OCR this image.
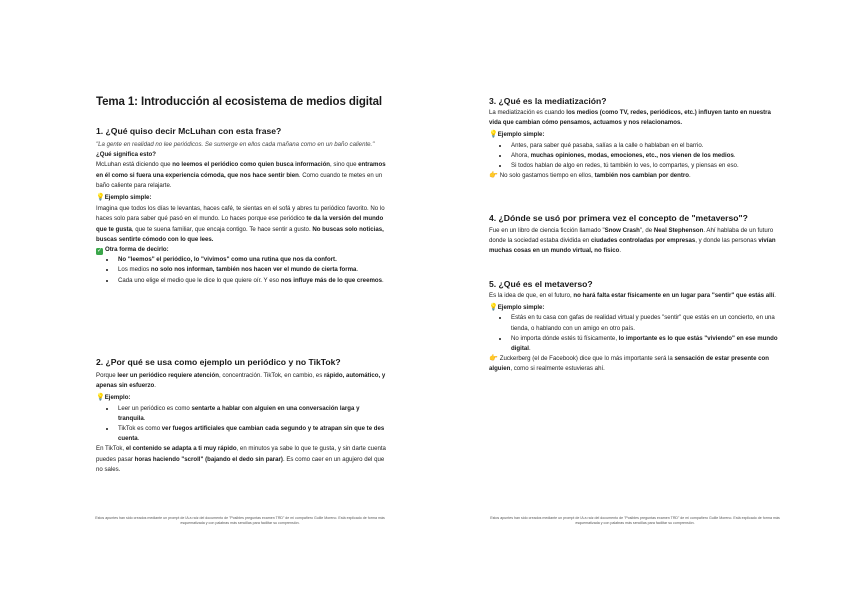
Tema 1: Introducción al ecosistema de medios digital
1. ¿Qué quiso decir McLuhan con esta frase?

"La gente en realidad no lee periódicos. Se sumerge en ellos cada mañana como en un baño caliente."

¿Qué significa esto?

McLuhan está diciendo que no leemos el periódico como quien busca información, sino que entramos en él como si fuera una experiencia cómoda, que nos hace sentir bien. Como cuando te metes en un baño caliente para relajarte.

💡Ejemplo simple:

Imagina que todos los días te levantas, haces café, te sientas en el sofá y abres tu periódico favorito. No lo haces solo para saber qué pasó en el mundo. Lo haces porque ese periódico te da la versión del mundo que te gusta, que te suena familiar, que encaja contigo. Te hace sentir a gusto. No buscas solo noticias, buscas sentirte cómodo con lo que lees.

✓ Otra forma de decirlo:

• No "leemos" el periódico, lo "vivimos" como una rutina que nos da confort.
• Los medios no solo nos informan, también nos hacen ver el mundo de cierta forma.
• Cada uno elige el medio que le dice lo que quiere oír. Y eso nos influye más de lo que creemos.
2. ¿Por qué se usa como ejemplo un periódico y no TikTok?

Porque leer un periódico requiere atención, concentración. TikTok, en cambio, es rápido, automático, y apenas sin esfuerzo.

💡Ejemplo:

• Leer un periódico es como sentarte a hablar con alguien en una conversación larga y tranquila.
• TikTok es como ver fuegos artificiales que cambian cada segundo y te atrapan sin que te des cuenta.

En TikTok, el contenido se adapta a ti muy rápido, en minutos ya sabe lo que te gusta, y sin darte cuenta puedes pasar horas haciendo "scroll" (bajando el dedo sin parar). Es como caer en un agujero del que no sales.

Estos apuntes han sido creados mediante un prompt de IA a raíz del documento de "Posibles preguntas examen TRD" de mi compañero Guille Moreno. Está explicado de forma más esquematizada y con palabras más sencillas para facilitar su comprensión.
3. ¿Qué es la mediatización?

La mediatización es cuando los medios (como TV, redes, periódicos, etc.) influyen tanto en nuestra vida que cambian cómo pensamos, actuamos y nos relacionamos.

💡Ejemplo simple:

• Antes, para saber qué pasaba, salías a la calle o hablaban en el barrio.
• Ahora, muchas opiniones, modas, emociones, etc., nos vienen de los medios.
• Si todos hablan de algo en redes, tú también lo ves, lo compartes, y piensas en eso.

👉 No solo gastamos tiempo en ellos, también nos cambian por dentro.

4. ¿Dónde se usó por primera vez el concepto de "metaverso"?

Fue en un libro de ciencia ficción llamado "Snow Crash", de Neal Stephenson. Ahí hablaba de un futuro donde la sociedad estaba dividida en ciudades controladas por empresas, y donde las personas vivían muchas cosas en un mundo virtual, no físico.

5. ¿Qué es el metaverso?

Es la idea de que, en el futuro, no hará falta estar físicamente en un lugar para "sentir" que estás allí.

💡Ejemplo simple:

• Estás en tu casa con gafas de realidad virtual y puedes "sentir" que estás en un concierto, en una tienda, o hablando con un amigo en otro país.
• No importa dónde estés tú físicamente, lo importante es lo que estás "viviendo" en ese mundo digital.

👉 Zuckerberg (el de Facebook) dice que lo más importante será la sensación de estar presente con alguien, como si realmente estuvieras ahí.

Estos apuntes han sido creados mediante un prompt de IA a raíz del documento de "Posibles preguntas examen TRD" de mi compañero Guille Moreno. Está explicado de forma más esquematizada y con palabras más sencillas para facilitar su comprensión.
